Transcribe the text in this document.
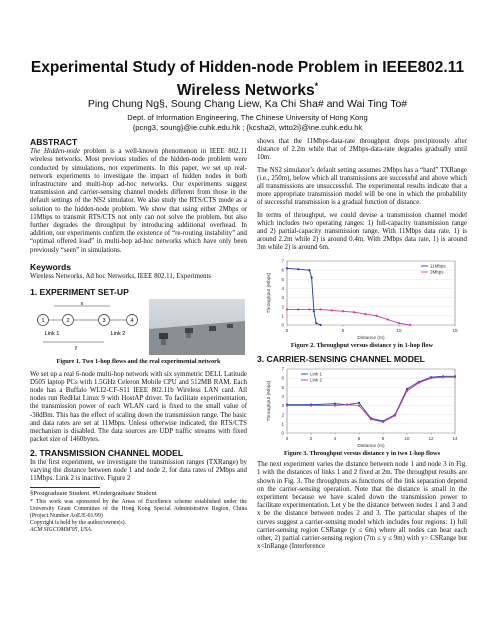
Experimental Study of Hidden-node Problem in IEEE802.11
Wireless Networks*
Ping Chung Ng§, Soung Chang Liew, Ka Chi Sha# and Wai Ting To#
Dept. of Information Engineering, The Chinese University of Hong Kong
{pcng3, soung}@ie.cuhk.edu.hk ; {kcsha2i, wtto2i}@ine.cuhk.edu.hk
ABSTRACT

The Hidden-node problem is a well-known phenomenon in IEEE 802.11 wireless networks. Most previous studies of the hidden-node problem were conducted by simulations, not experiments. In this paper, we set up real-network experiments to investigate the impact of hidden nodes in both infrastructure and multi-hop ad-hoc networks. Our experiments suggest transmission and carrier-sensing channel models different from those in the default settings of the NS2 simulator. We also study the RTS/CTS mode as a solution to the hidden-node problem. We show that using either 2Mbps or 11Mbps to transmit RTS/CTS not only can not solve the problem, but also further degrades the throughput by introducing additional overhead. In addition, our experiments confirm the existence of “re-routing instability” and “optimal offered load” in multi-hop ad-hoc networks which have only been previously “seen” in simulations.

Keywords

Wireless Networks, Ad hoc Networks, IEEE 802.11, Experiments

1. EXPERIMENT SET-UP
x
1	2	3	4
Link 1	Link 2
y
Figure 1. Two 1-hop flows and the real experimental network

We set up a real 6-node multi-hop network with six symmetric DELL Latitude D505 laptop PCs with 1.5GHz Celeron Mobile CPU and 512MB RAM. Each node has a Buffalo WLI2-CF-S11 IEEE 802.11b Wireless LAN card. All nodes run RedHat Linux 9 with HostAP driver. To facilitate experimentation, the transmission power of each WLAN card is fixed to the small value of -38dBm. This has the effect of scaling down the transmission range. The basic and data rates are set at 11Mbps. Unless otherwise indicated, the RTS/CTS mechanism is disabled. The data sources are UDP traffic streams with fixed packet size of 1460bytes.

2. TRANSMISSION CHANNEL MODEL

In the first experiment, we investigate the transmission ranges (TXRange) by varying the distance between node 1 and node 2, for data rates of 2Mbps and 11Mbps. Link 2 is inactive. Figure 2

§Postgraduate Student. #Undergraduate Student
* This work was sponsored by the Areas of Excellence scheme established under the University Grant Committee of the Hong Kong Special Administrative Region, China (Project Number AoE/E-01/99)
Copyright is held by the author/owner(s).
ACM SIGCOMM'05, USA.

shows that the 11Mbps-data-rate throughput drops precipitously after distance of 2.2m while that of 2Mbps-data-rate degrades gradually until 10m.

The NS2 simulator’s default setting assumes 2Mbps has a “hard” TXRange (i.e., 250m), below which all transmissions are successful and above which all transmissions are unsuccessful. The experimental results indicate that a more appropriate transmission model will be one in which the probability of successful transmission is a gradual function of distance.

In terms of throughput, we could devise a transmission channel model which includes two operating ranges: 1) full-capacity transmission range and 2) partial-capacity transmission range. With 11Mbps data rate, 1) is around 2.2m while 2) is around 0.4m. With 2Mbps data rate, 1) is around 3m while 2) is around 6m.

0
1
2
3
4
5
6
7
0	5	10	15
Distance (m)
Throughput (Mbps)
11Mbps
2Mbps
Figure 2. Throughput versus distance y in 1-hop flow
3. CARRIER-SENSING CHANNEL MODEL
0
1
2
3
4
5
6
7
0	2	4	6	8	10	12	14
Distance (m)
Throughput (Mbps)
Link 1
Link 2
Figure 3. Throughput versus distance y in two 1-hop flows

The next experiment varies the distance between node 1 and node 3 in Fig. 1 with the distances of links 1 and 2 fixed at 2m. The throughput results are shown in Fig. 3. The throughputs as functions of the link separation depend on the carrier-sensing operation. Note that the distance is small in the experiment because we have scaled down the transmission power to facilitate experimentation. Let y be the distance between nodes 1 and 3 and x be the distance between nodes 2 and 3. The particular shapes of the curves suggest a carrier-sensing model which includes four regions: 1) full carrier-sensing region CSRange (y ≤ 6m) where all nodes can hear each other, 2) partial carrier-sensing region (7m ≤ y ≤ 9m) with y> CSRange but x<InRange (Interference
